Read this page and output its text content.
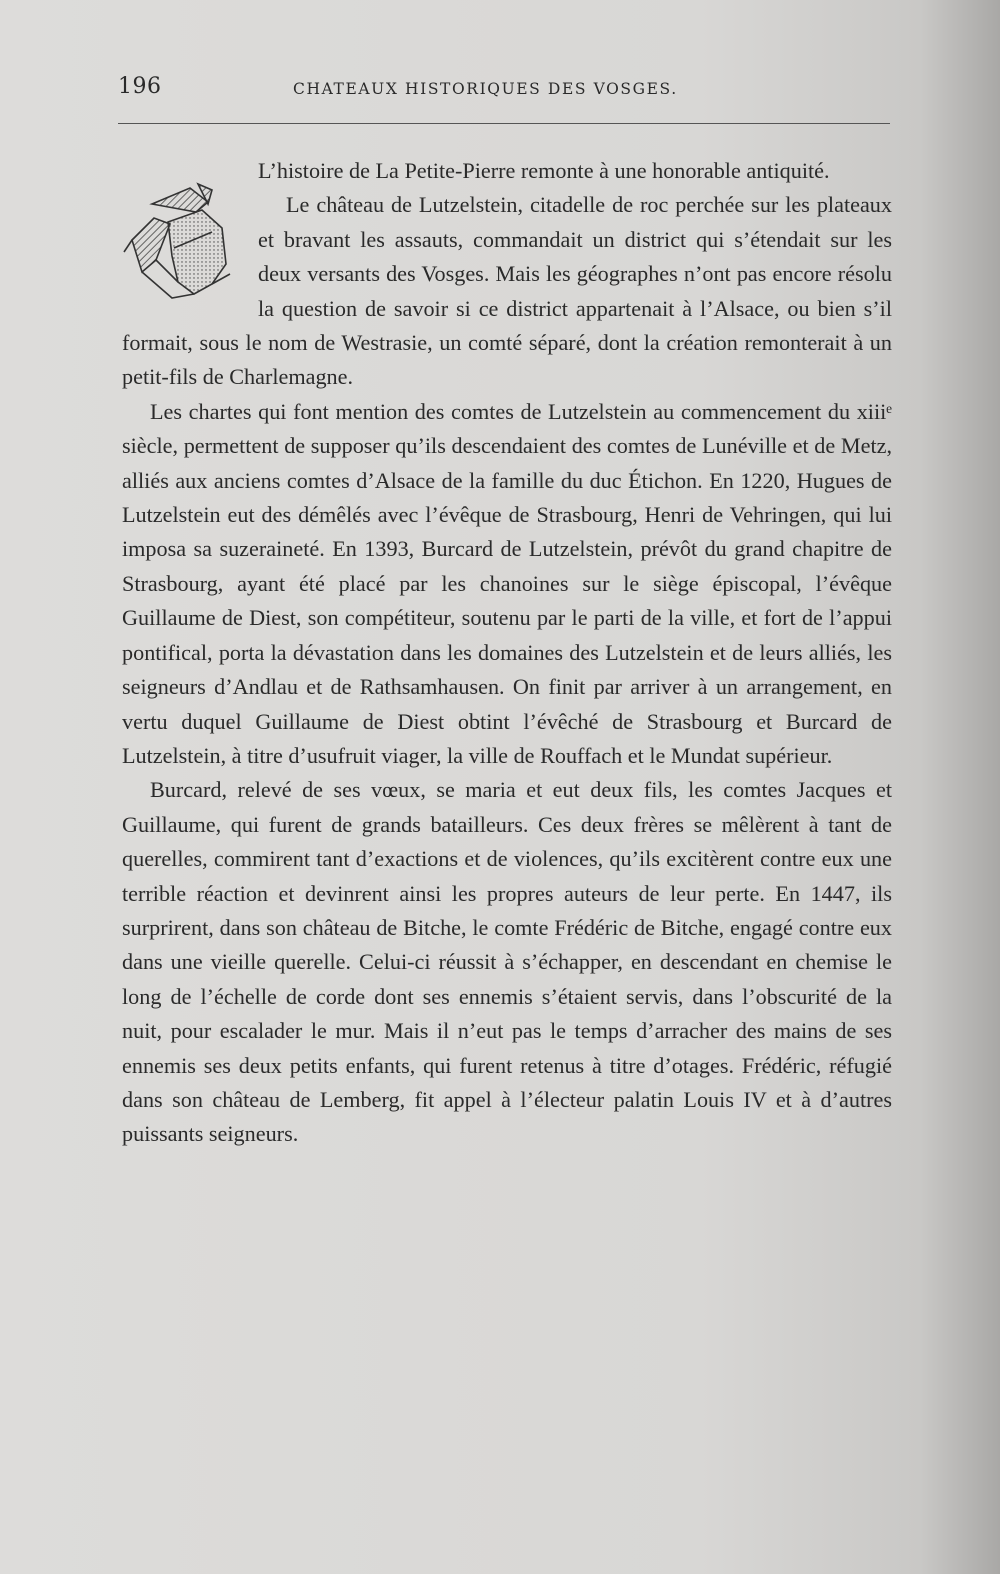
196	CHATEAUX HISTORIQUES DES VOSGES.

L’histoire de La Petite-Pierre remonte à une honorable antiquité.

Le château de Lutzelstein, citadelle de roc perchée sur les plateaux et bravant les assauts, commandait un district qui s’étendait sur les deux versants des Vosges. Mais les géographes n’ont pas encore résolu la question de savoir si ce district appartenait à l’Alsace, ou bien s’il formait, sous le nom de Westrasie, un comté séparé, dont la création remonterait à un petit-fils de Charlemagne.

Les chartes qui font mention des comtes de Lutzelstein au commencement du xiiiᵉ siècle, permettent de supposer qu’ils descendaient des comtes de Lunéville et de Metz, alliés aux anciens comtes d’Alsace de la famille du duc Étichon. En 1220, Hugues de Lutzelstein eut des démêlés avec l’évêque de Strasbourg, Henri de Vehringen, qui lui imposa sa suzeraineté. En 1393, Burcard de Lutzelstein, prévôt du grand chapitre de Strasbourg, ayant été placé par les chanoines sur le siège épiscopal, l’évêque Guillaume de Diest, son compétiteur, soutenu par le parti de la ville, et fort de l’appui pontifical, porta la dévastation dans les domaines des Lutzelstein et de leurs alliés, les seigneurs d’Andlau et de Rathsamhausen. On finit par arriver à un arrangement, en vertu duquel Guillaume de Diest obtint l’évêché de Strasbourg et Burcard de Lutzelstein, à titre d’usufruit viager, la ville de Rouffach et le Mundat supérieur.

Burcard, relevé de ses vœux, se maria et eut deux fils, les comtes Jacques et Guillaume, qui furent de grands batailleurs. Ces deux frères se mêlèrent à tant de querelles, commirent tant d’exactions et de violences, qu’ils excitèrent contre eux une terrible réaction et devinrent ainsi les propres auteurs de leur perte. En 1447, ils surprirent, dans son château de Bitche, le comte Frédéric de Bitche, engagé contre eux dans une vieille querelle. Celui-ci réussit à s’échapper, en descendant en chemise le long de l’échelle de corde dont ses ennemis s’étaient servis, dans l’obscurité de la nuit, pour escalader le mur. Mais il n’eut pas le temps d’arracher des mains de ses ennemis ses deux petits enfants, qui furent retenus à titre d’otages. Frédéric, réfugié dans son château de Lemberg, fit appel à l’électeur palatin Louis IV et à d’autres puissants seigneurs.
